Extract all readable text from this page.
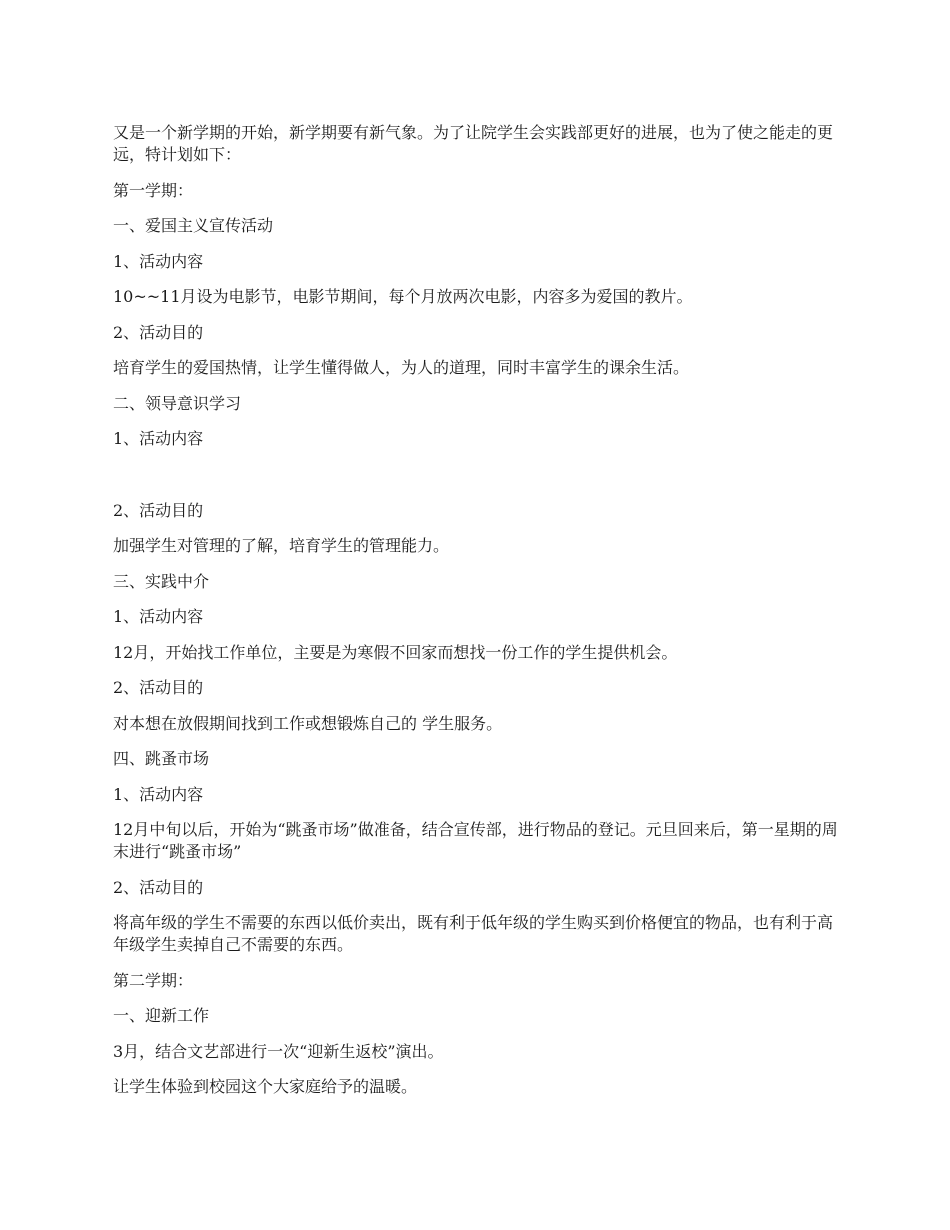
又是一个新学期的开始，新学期要有新气象。为了让院学生会实践部更好的进展，也为了使之能走的更远，特计划如下：

第一学期：

一、爱国主义宣传活动

1、活动内容

10~~11月设为电影节，电影节期间，每个月放两次电影，内容多为爱国的教片。

2、活动目的

培育学生的爱国热情，让学生懂得做人，为人的道理，同时丰富学生的课余生活。

二、领导意识学习

1、活动内容

2、活动目的

加强学生对管理的了解，培育学生的管理能力。

三、实践中介

1、活动内容

12月，开始找工作单位，主要是为寒假不回家而想找一份工作的学生提供机会。

2、活动目的

对本想在放假期间找到工作或想锻炼自己的 学生服务。

四、跳蚤市场

1、活动内容

12月中旬以后，开始为“跳蚤市场”做准备，结合宣传部，进行物品的登记。元旦回来后，第一星期的周末进行“跳蚤市场”

2、活动目的

将高年级的学生不需要的东西以低价卖出，既有利于低年级的学生购买到价格便宜的物品，也有利于高年级学生卖掉自己不需要的东西。

第二学期：

一、迎新工作

3月，结合文艺部进行一次“迎新生返校”演出。

让学生体验到校园这个大家庭给予的温暖。
